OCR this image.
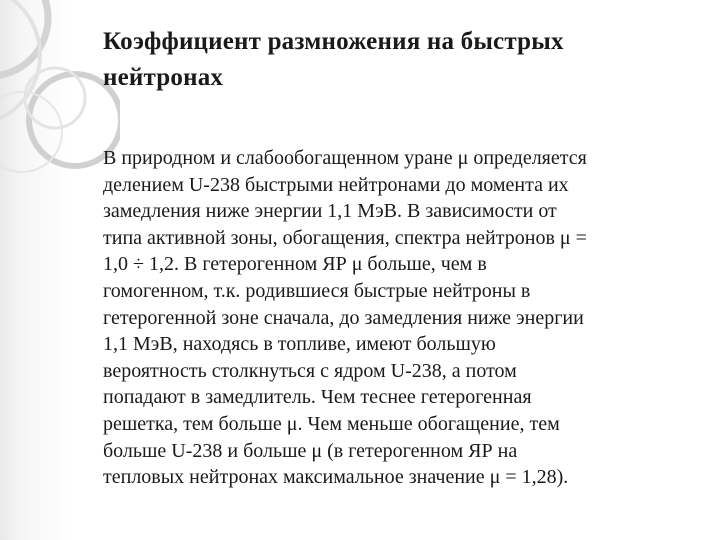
Коэффициент размножения на быстрых
нейтронах
В природном и слабообогащенном уране μ определяется
делением U-238 быстрыми нейтронами до момента их
замедления ниже энергии 1,1 МэВ. В зависимости от
типа активной зоны, обогащения, спектра нейтронов μ =
1,0 ÷ 1,2. В гетерогенном ЯР μ больше, чем в
гомогенном, т.к. родившиеся быстрые нейтроны в
гетерогенной зоне сначала, до замедления ниже энергии
1,1 МэВ, находясь в топливе, имеют большую
вероятность столкнуться с ядром U-238, а потом
попадают в замедлитель. Чем теснее гетерогенная
решетка, тем больше μ. Чем меньше обогащение, тем
больше U-238 и больше μ (в гетерогенном ЯР на
тепловых нейтронах максимальное значение μ = 1,28).
